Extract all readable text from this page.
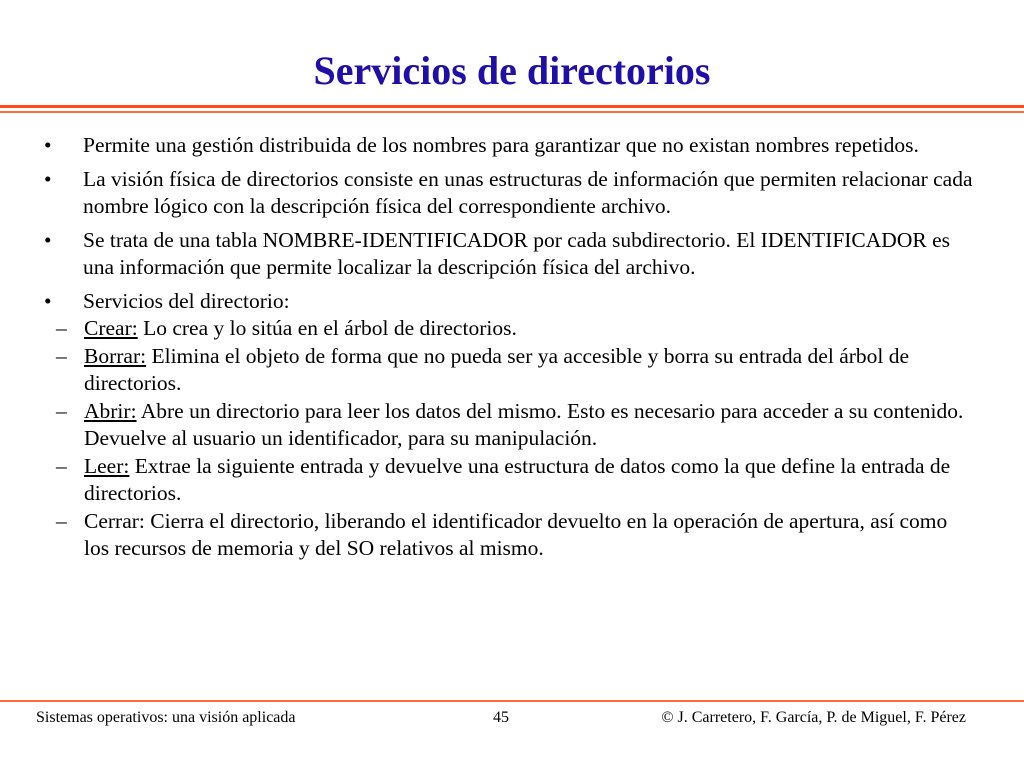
Servicios de directorios
• Permite una gestión distribuida de los nombres para garantizar que no existan nombres repetidos.
• La visión física de directorios consiste en unas estructuras de información que permiten relacionar cada nombre lógico con la descripción física del correspondiente archivo.
• Se trata de una tabla NOMBRE-IDENTIFICADOR por cada subdirectorio. El IDENTIFICADOR es una información que permite localizar la descripción física del archivo.
• Servicios del directorio:
– Crear: Lo crea y lo sitúa en el árbol de directorios.
– Borrar: Elimina el objeto de forma que no pueda ser ya accesible y borra su entrada del árbol de directorios.
– Abrir: Abre un directorio para leer los datos del mismo. Esto es necesario para acceder a su contenido. Devuelve al usuario un identificador, para su manipulación.
– Leer: Extrae la siguiente entrada y devuelve una estructura de datos como la que define la entrada de directorios.
– Cerrar: Cierra el directorio, liberando el identificador devuelto en la operación de apertura, así como los recursos de memoria y del SO relativos al mismo.
Sistemas operativos: una visión aplicada	45	© J. Carretero, F. García, P. de Miguel, F. Pérez
